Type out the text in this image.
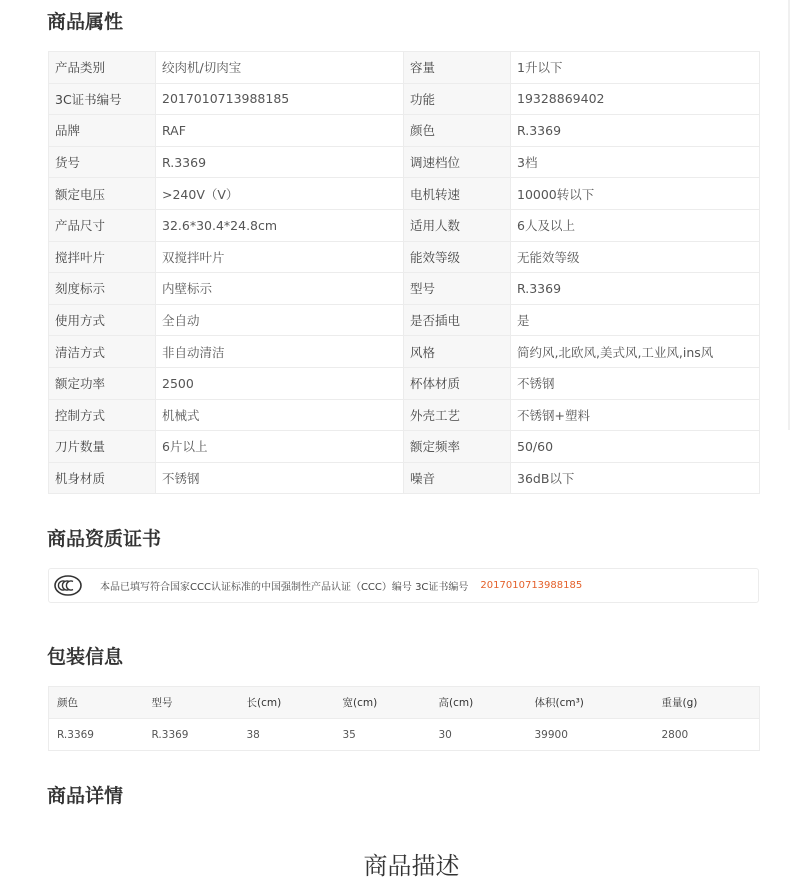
商品属性
产品类别	绞肉机/切肉宝	容量	1升以下
3C证书编号	2017010713988185	功能	19328869402
品牌	RAF	颜色	R.3369
货号	R.3369	调速档位	3档
额定电压	>240V（V）	电机转速	10000转以下
产品尺寸	32.6*30.4*24.8cm	适用人数	6人及以上
搅拌叶片	双搅拌叶片	能效等级	无能效等级
刻度标示	内壁标示	型号	R.3369
使用方式	全自动	是否插电	是
清洁方式	非自动清洁	风格	简约风,北欧风,美式风,工业风,ins风
额定功率	2500	杯体材质	不锈钢
控制方式	机械式	外壳工艺	不锈钢+塑料
刀片数量	6片以上	额定频率	50/60
机身材质	不锈钢	噪音	36dB以下
商品资质证书
本品已填写符合国家CCC认证标准的中国强制性产品认证（CCC）编号 3C证书编号 2017010713988185
包装信息
颜色	型号	长(cm)	宽(cm)	高(cm)	体积(cm³)	重量(g)
R.3369	R.3369	38	35	30	39900	2800
商品详情
商品描述
